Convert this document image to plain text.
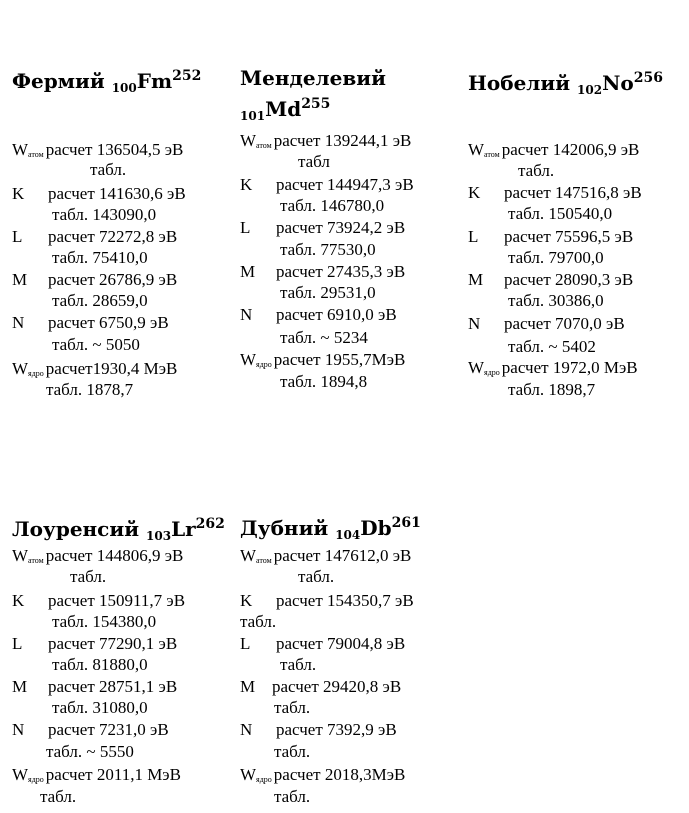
Фермий $_{100}Fm^{252}$
Wатом расчет 136504,5 эВ
табл.
K расчет 141630,6 эВ
табл. 143090,0
L расчет 72272,8 эВ
табл. 75410,0
M расчет 26786,9 эВ
табл. 28659,0
N расчет 6750,9 эВ
табл. ~ 5050
Wядро расчет1930,4 МэВ
табл. 1878,7
Менделевий
$_{101}Md^{255}$
Wатом расчет 139244,1 эВ
табл
K расчет 144947,3 эВ
табл. 146780,0
L расчет 73924,2 эВ
табл. 77530,0
M расчет 27435,3 эВ
табл. 29531,0
N расчет 6910,0 эВ
табл. ~ 5234
Wядро расчет 1955,7МэВ
табл. 1894,8
Нобелий $_{102}No^{256}$
Wатом расчет 142006,9 эВ
табл.
K расчет 147516,8 эВ
табл. 150540,0
L расчет 75596,5 эВ
табл. 79700,0
M расчет 28090,3 эВ
табл. 30386,0
N расчет 7070,0 эВ
табл. ~ 5402
Wядро расчет 1972,0 МэВ
табл. 1898,7
Лоуренсий $_{103}Lr^{262}$
Wатом расчет 144806,9 эВ
табл.
K расчет 150911,7 эВ
табл. 154380,0
L расчет 77290,1 эВ
табл. 81880,0
M расчет 28751,1 эВ
табл. 31080,0
N расчет 7231,0 эВ
табл. ~ 5550
Wядро расчет 2011,1 МэВ
табл.
Дубний $_{104}Db^{261}$
Wатом расчет 147612,0 эВ
табл.
K расчет 154350,7 эВ
табл.
L расчет 79004,8 эВ
табл.
M расчет 29420,8 эВ
табл.
N расчет 7392,9 эВ
табл.
Wядро расчет 2018,3МэВ
табл.
